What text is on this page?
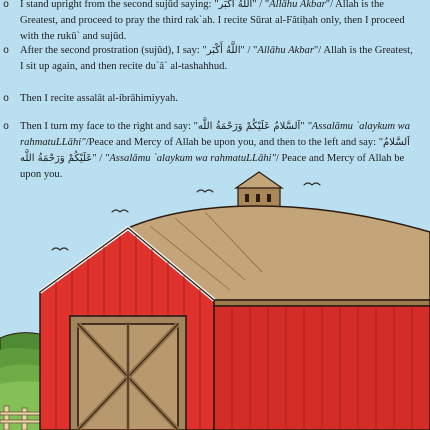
o	I stand upright from the second sujūd saying: "اللَّهُ أَكْبَر" / "Allāhu Akbar"/ Allah is the Greatest, and proceed to pray the third rak`ah. I recite Sūrat al-Fātiḥah only, then I proceed with the rukū` and sujūd.
o	After the second prostration (sujūd), I say: "اللَّهُ أَكْبَر" / "Allāhu Akbar"/ Allah is the Greatest, I sit up again, and then recite du`ā` al-tashahhud.
o	Then I recite assalāt al-ibrāhimiyyah.
o	Then I turn my face to the right and say: "اَلسَّلامُ عَلَيْكُمْ وَرَحْمَةُ اللَّه" "Assalāmu `alaykum wa rahmatuLLāhi"/Peace and Mercy of Allah be upon you, and then to the left and say: "اَلسَّلامُ عَلَيْكُمْ وَرَحْمَةُ اللَّه" / "Assalāmu `alaykum wa rahmatuLLāhi"/ Peace and Mercy of Allah be upon you.
